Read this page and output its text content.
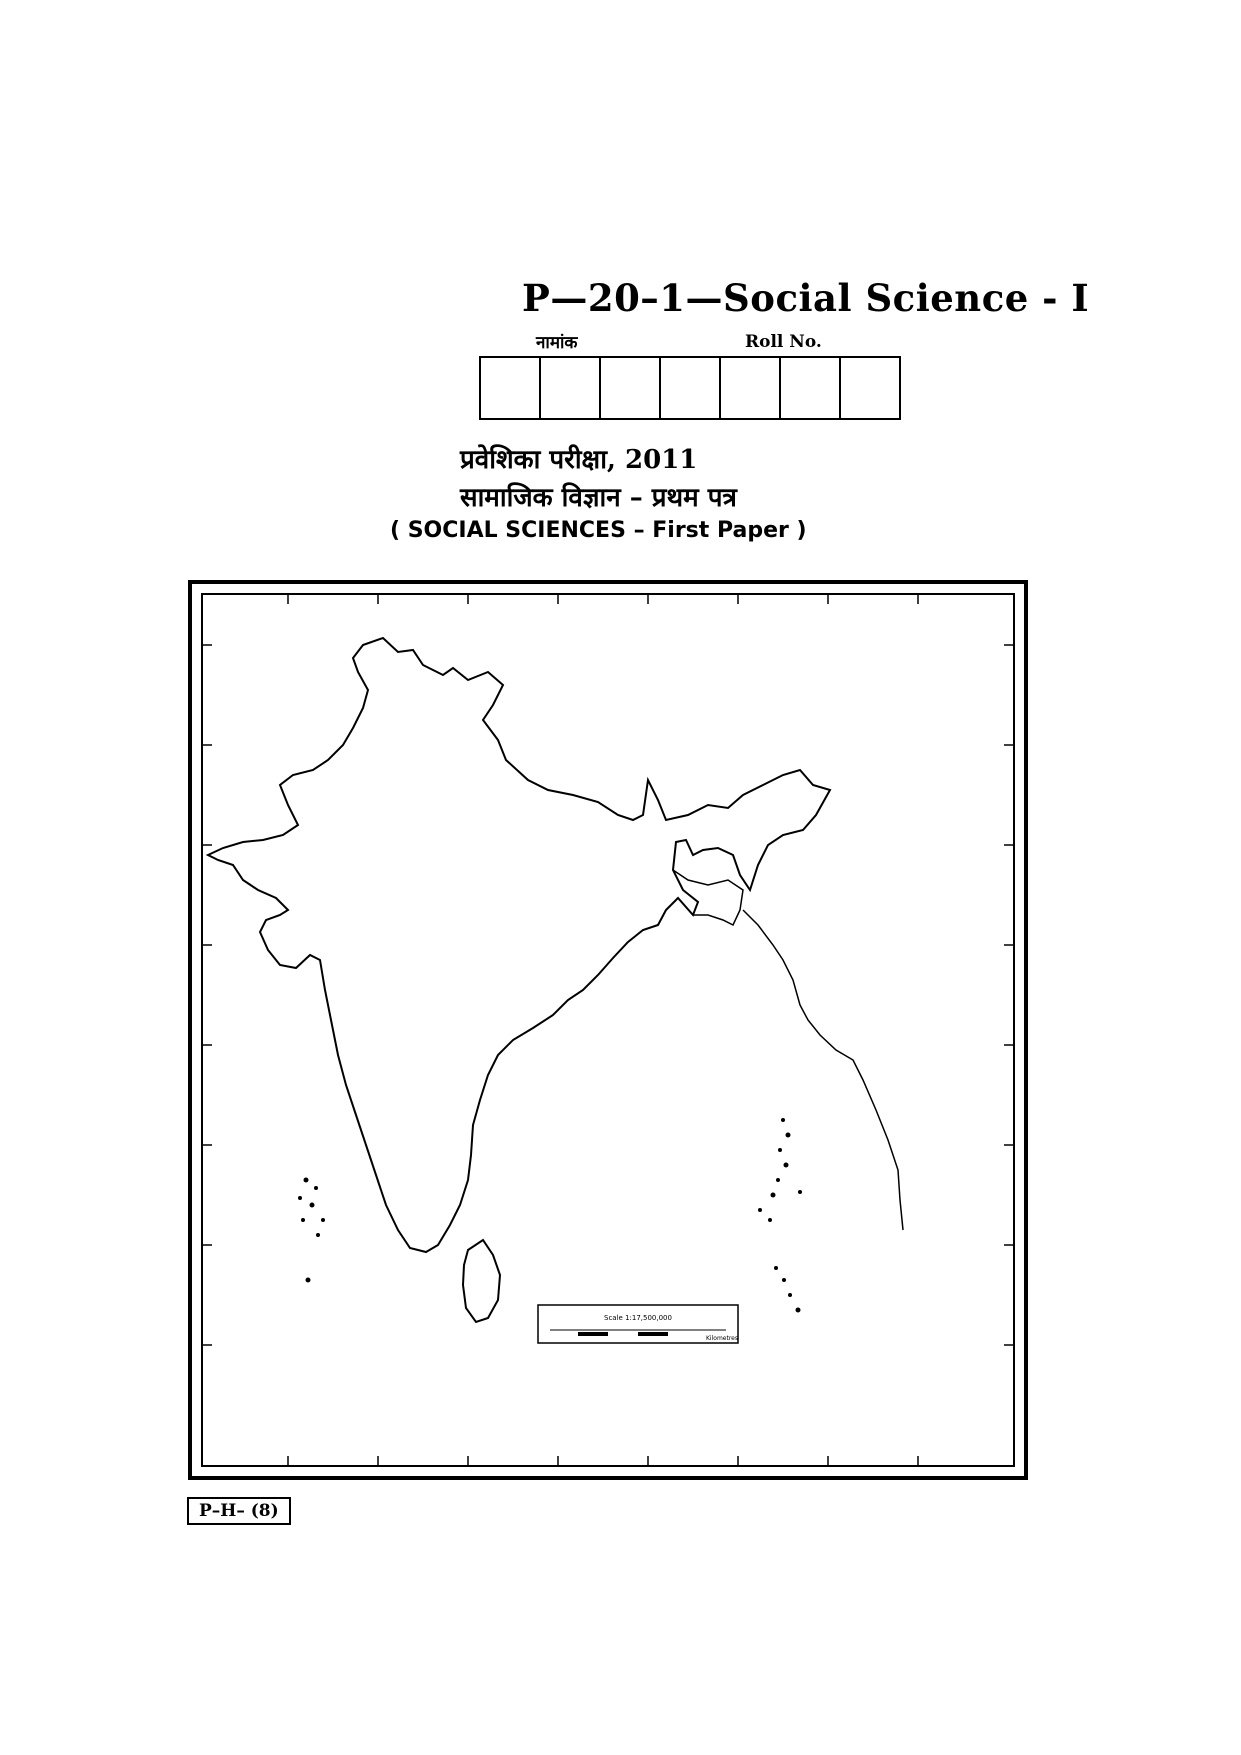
P—20–1—Social Science - I
नामांक	Roll No.
प्रवेशिका परीक्षा, 2011
सामाजिक विज्ञान – प्रथम पत्र
( SOCIAL SCIENCES – First Paper )
Scale 1:17,500,000
Kilometres
P–H– (8)
